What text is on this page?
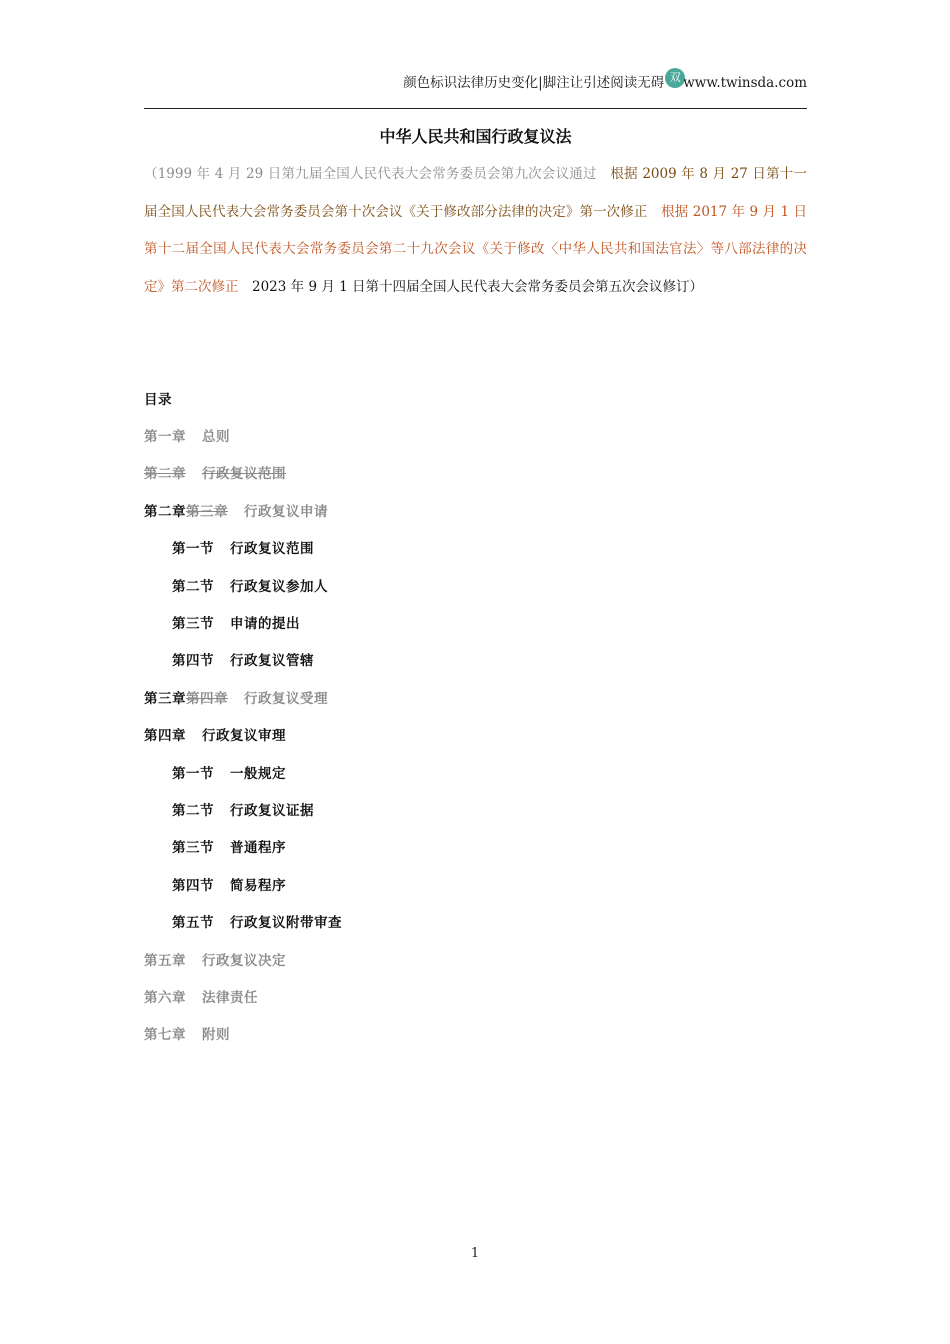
颜色标识法律历史变化|脚注让引述阅读无碍 双 www.twinsda.com
中华人民共和国行政复议法
（1999 年 4 月 29 日第九届全国人民代表大会常务委员会第九次会议通过　根据 2009 年 8 月 27 日第十一届全国人民代表大会常务委员会第十次会议《关于修改部分法律的决定》第一次修正　根据 2017 年 9 月 1 日第十二届全国人民代表大会常务委员会第二十九次会议《关于修改〈中华人民共和国法官法〉等八部法律的决定》第二次修正　2023 年 9 月 1 日第十四届全国人民代表大会常务委员会第五次会议修订）
目录
第一章 总则
第二章 行政复议范围
第二章第三章 行政复议申请
第一节 行政复议范围
第二节 行政复议参加人
第三节 申请的提出
第四节 行政复议管辖
第三章第四章 行政复议受理
第四章 行政复议审理
第一节 一般规定
第二节 行政复议证据
第三节 普通程序
第四节 简易程序
第五节 行政复议附带审查
第五章 行政复议决定
第六章 法律责任
第七章 附则
1
